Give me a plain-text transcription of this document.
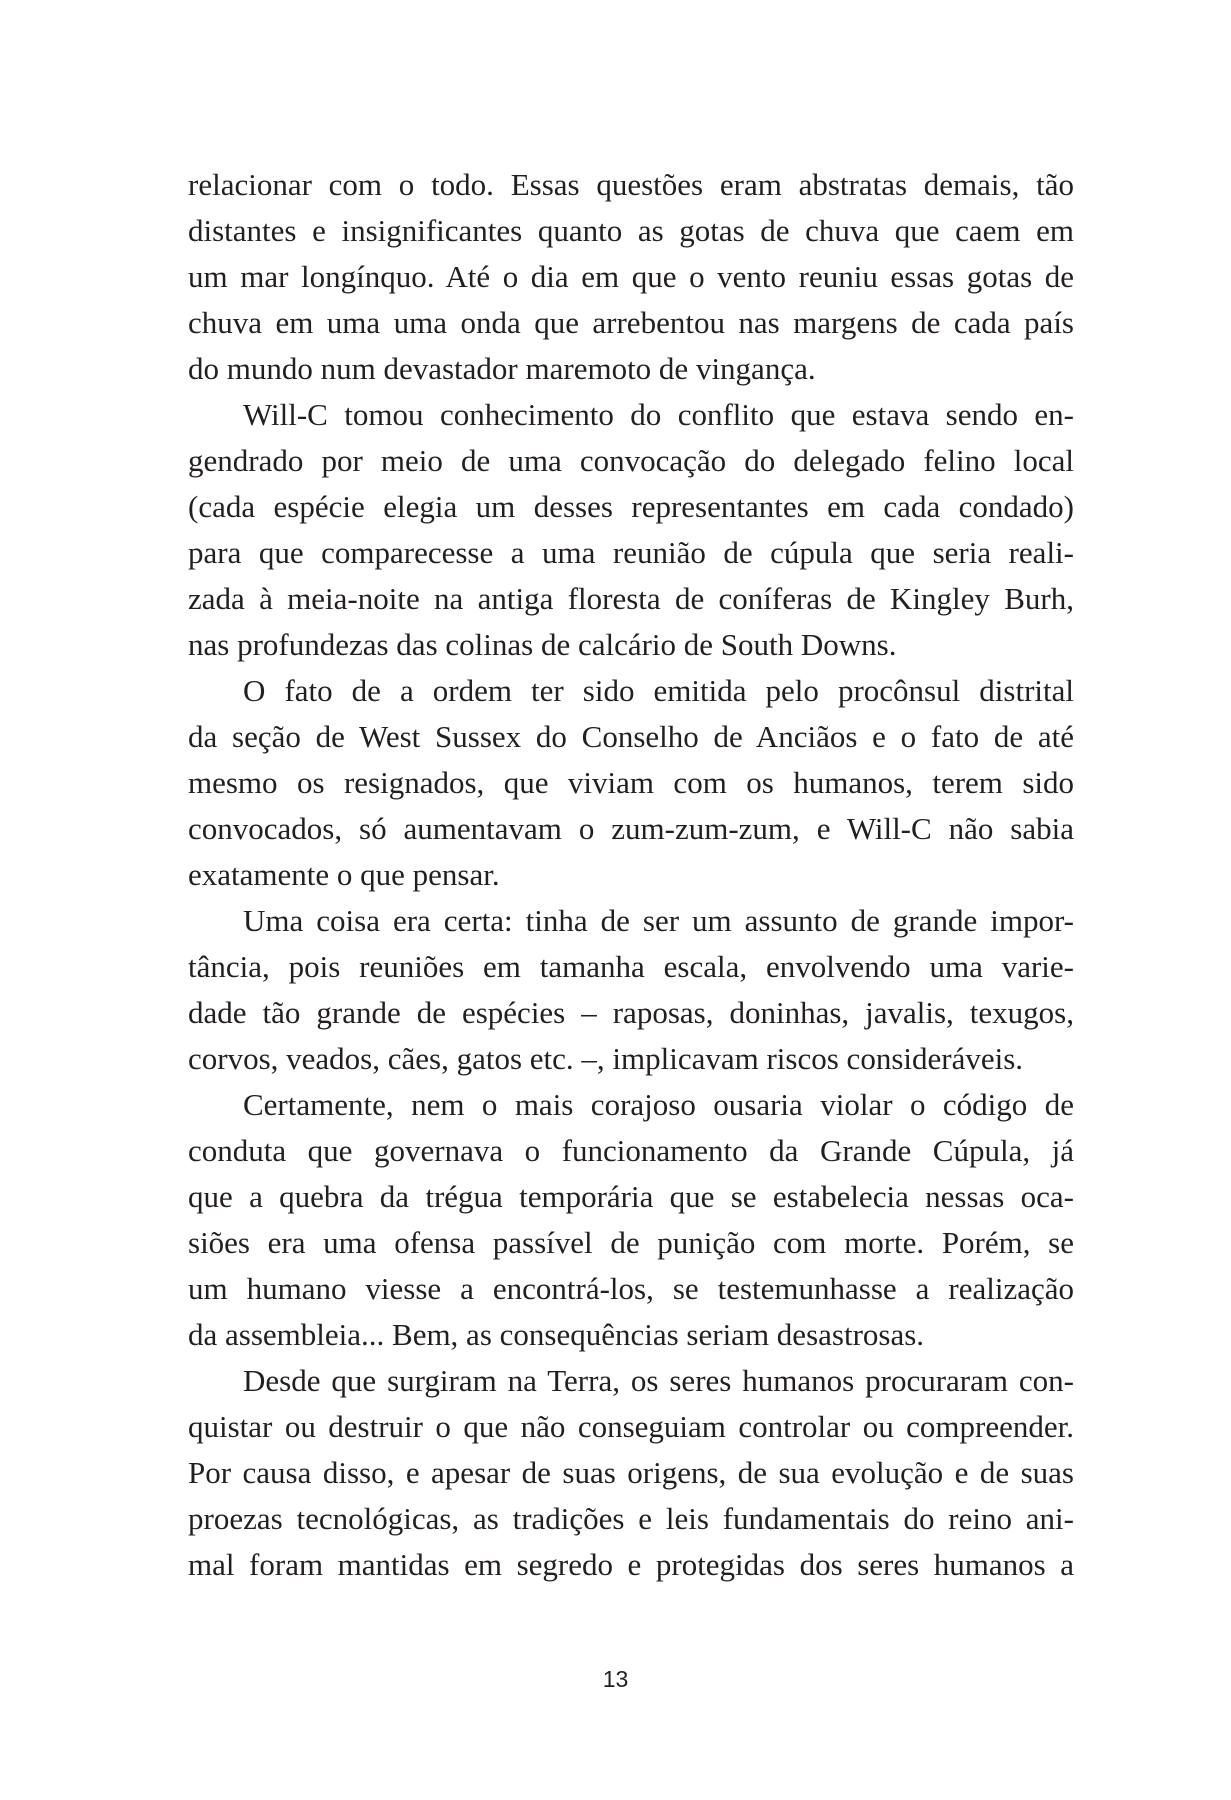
relacionar com o todo. Essas questões eram abstratas demais, tão
distantes e insignificantes quanto as gotas de chuva que caem em
um mar longínquo. Até o dia em que o vento reuniu essas gotas de
chuva em uma uma onda que arrebentou nas margens de cada país
do mundo num devastador maremoto de vingança.
Will-C tomou conhecimento do conflito que estava sendo en-
gendrado por meio de uma convocação do delegado felino local
(cada espécie elegia um desses representantes em cada condado)
para que comparecesse a uma reunião de cúpula que seria reali-
zada à meia-noite na antiga floresta de coníferas de Kingley Burh,
nas profundezas das colinas de calcário de South Downs.
O fato de a ordem ter sido emitida pelo procônsul distrital
da seção de West Sussex do Conselho de Anciãos e o fato de até
mesmo os resignados, que viviam com os humanos, terem sido
convocados, só aumentavam o zum-zum-zum, e Will-C não sabia
exatamente o que pensar.
Uma coisa era certa: tinha de ser um assunto de grande impor-
tância, pois reuniões em tamanha escala, envolvendo uma varie-
dade tão grande de espécies – raposas, doninhas, javalis, texugos,
corvos, veados, cães, gatos etc. –, implicavam riscos consideráveis.
Certamente, nem o mais corajoso ousaria violar o código de
conduta que governava o funcionamento da Grande Cúpula, já
que a quebra da trégua temporária que se estabelecia nessas oca-
siões era uma ofensa passível de punição com morte. Porém, se
um humano viesse a encontrá-los, se testemunhasse a realização
da assembleia... Bem, as consequências seriam desastrosas.
Desde que surgiram na Terra, os seres humanos procuraram con-
quistar ou destruir o que não conseguiam controlar ou compreender.
Por causa disso, e apesar de suas origens, de sua evolução e de suas
proezas tecnológicas, as tradições e leis fundamentais do reino ani-
mal foram mantidas em segredo e protegidas dos seres humanos a
13
